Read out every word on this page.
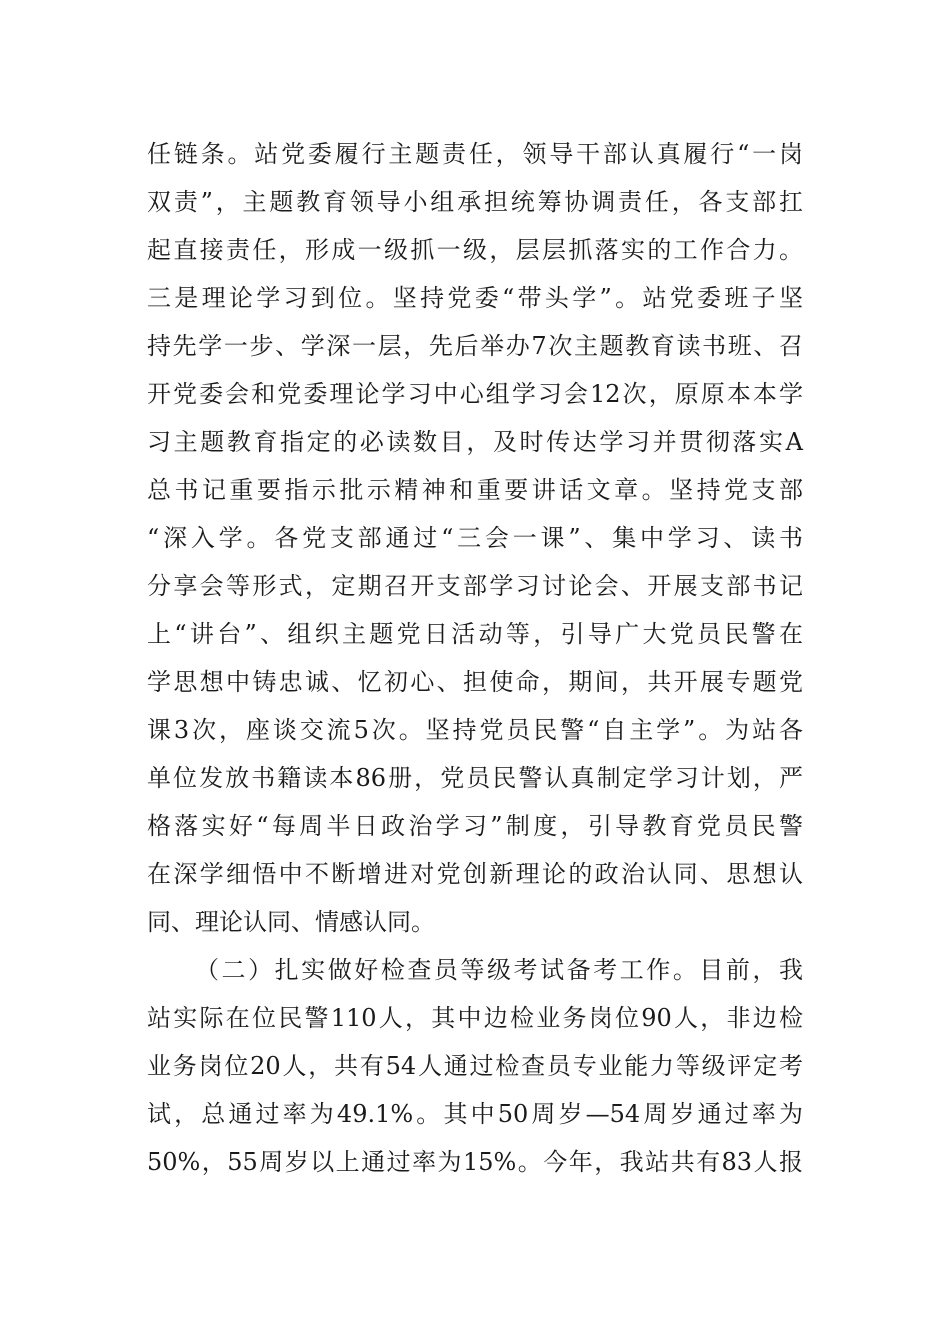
任链条。站党委履行主题责任，领导干部认真履行“一岗
双责”，主题教育领导小组承担统筹协调责任，各支部扛
起直接责任，形成一级抓一级，层层抓落实的工作合力。
三是理论学习到位。坚持党委“带头学”。站党委班子坚
持先学一步、学深一层，先后举办7次主题教育读书班、召
开党委会和党委理论学习中心组学习会12次，原原本本学
习主题教育指定的必读数目，及时传达学习并贯彻落实A
总书记重要指示批示精神和重要讲话文章。坚持党支部
“深入学。各党支部通过“三会一课”、集中学习、读书
分享会等形式，定期召开支部学习讨论会、开展支部书记
上“讲台”、组织主题党日活动等，引导广大党员民警在
学思想中铸忠诚、忆初心、担使命，期间，共开展专题党
课3次，座谈交流5次。坚持党员民警“自主学”。为站各
单位发放书籍读本86册，党员民警认真制定学习计划，严
格落实好“每周半日政治学习”制度，引导教育党员民警
在深学细悟中不断增进对党创新理论的政治认同、思想认
同、理论认同、情感认同。
（二）扎实做好检查员等级考试备考工作。目前，我
站实际在位民警110人，其中边检业务岗位90人，非边检
业务岗位20人，共有54人通过检查员专业能力等级评定考
试，总通过率为49.1%。其中50周岁—54周岁通过率为
50%，55周岁以上通过率为15%。今年，我站共有83人报
